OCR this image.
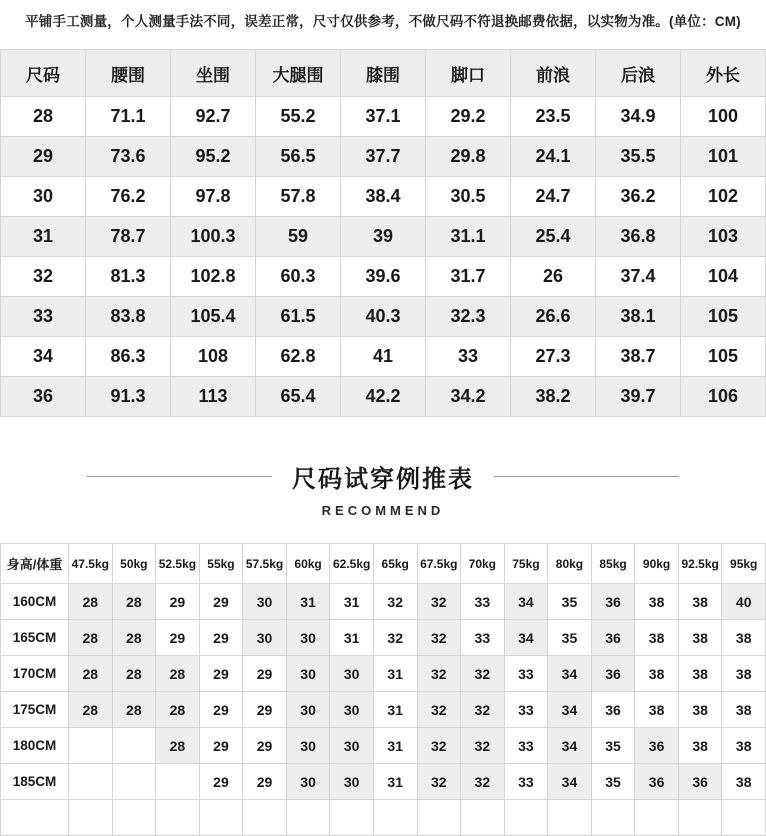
平铺手工测量，个人测量手法不同，误差正常，尺寸仅供参考，不做尺码不符退换邮费依据，以实物为准。(单位：CM)
尺码	腰围	坐围	大腿围	膝围	脚口	前浪	后浪	外长
28	71.1	92.7	55.2	37.1	29.2	23.5	34.9	100
29	73.6	95.2	56.5	37.7	29.8	24.1	35.5	101
30	76.2	97.8	57.8	38.4	30.5	24.7	36.2	102
31	78.7	100.3	59	39	31.1	25.4	36.8	103
32	81.3	102.8	60.3	39.6	31.7	26	37.4	104
33	83.8	105.4	61.5	40.3	32.3	26.6	38.1	105
34	86.3	108	62.8	41	33	27.3	38.7	105
36	91.3	113	65.4	42.2	34.2	38.2	39.7	106
尺码试穿例推表
RECOMMEND
身高/体重	47.5kg	50kg	52.5kg	55kg	57.5kg	60kg	62.5kg	65kg	67.5kg	70kg	75kg	80kg	85kg	90kg	92.5kg	95kg
160CM	28	28	29	29	30	31	31	32	32	33	34	35	36	38	38	40
165CM	28	28	29	29	30	30	31	32	32	33	34	35	36	38	38	38
170CM	28	28	28	29	29	30	30	31	32	32	33	34	36	38	38	38
175CM	28	28	28	29	29	30	30	31	32	32	33	34	36	38	38	38
180CM			28	29	29	30	30	31	32	32	33	34	35	36	38	38
185CM				29	29	30	30	31	32	32	33	34	35	36	36	38
